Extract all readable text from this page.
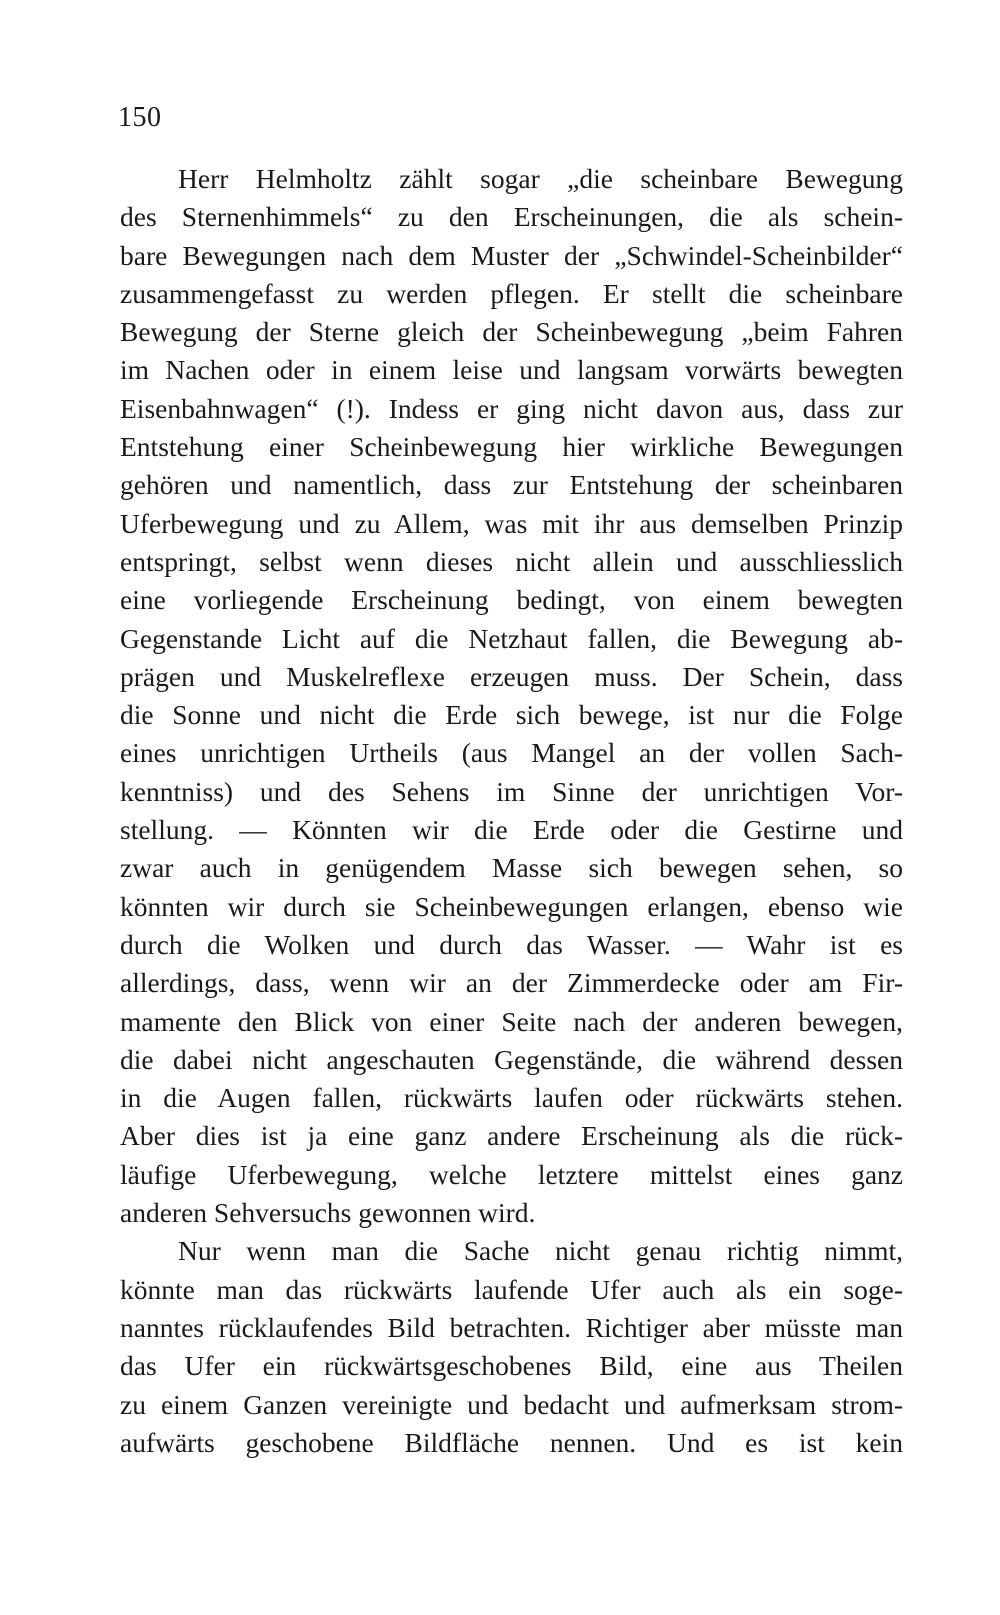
150
Herr Helmholtz zählt sogar „die scheinbare Bewegung
des Sternenhimmels“ zu den Erscheinungen, die als schein-
bare Bewegungen nach dem Muster der „Schwindel-Scheinbilder“
zusammengefasst zu werden pflegen. Er stellt die scheinbare
Bewegung der Sterne gleich der Scheinbewegung „beim Fahren
im Nachen oder in einem leise und langsam vorwärts bewegten
Eisenbahnwagen“ (!). Indess er ging nicht davon aus, dass zur
Entstehung einer Scheinbewegung hier wirkliche Bewegungen
gehören und namentlich, dass zur Entstehung der scheinbaren
Uferbewegung und zu Allem, was mit ihr aus demselben Prinzip
entspringt, selbst wenn dieses nicht allein und ausschliesslich
eine vorliegende Erscheinung bedingt, von einem bewegten
Gegenstande Licht auf die Netzhaut fallen, die Bewegung ab-
prägen und Muskelreflexe erzeugen muss. Der Schein, dass
die Sonne und nicht die Erde sich bewege, ist nur die Folge
eines unrichtigen Urtheils (aus Mangel an der vollen Sach-
kenntniss) und des Sehens im Sinne der unrichtigen Vor-
stellung. — Könnten wir die Erde oder die Gestirne und
zwar auch in genügendem Masse sich bewegen sehen, so
könnten wir durch sie Scheinbewegungen erlangen, ebenso wie
durch die Wolken und durch das Wasser. — Wahr ist es
allerdings, dass, wenn wir an der Zimmerdecke oder am Fir-
mamente den Blick von einer Seite nach der anderen bewegen,
die dabei nicht angeschauten Gegenstände, die während dessen
in die Augen fallen, rückwärts laufen oder rückwärts stehen.
Aber dies ist ja eine ganz andere Erscheinung als die rück-
läufige Uferbewegung, welche letztere mittelst eines ganz
anderen Sehversuchs gewonnen wird.
Nur wenn man die Sache nicht genau richtig nimmt,
könnte man das rückwärts laufende Ufer auch als ein soge-
nanntes rücklaufendes Bild betrachten. Richtiger aber müsste man
das Ufer ein rückwärtsgeschobenes Bild, eine aus Theilen
zu einem Ganzen vereinigte und bedacht und aufmerksam strom-
aufwärts geschobene Bildfläche nennen. Und es ist kein
